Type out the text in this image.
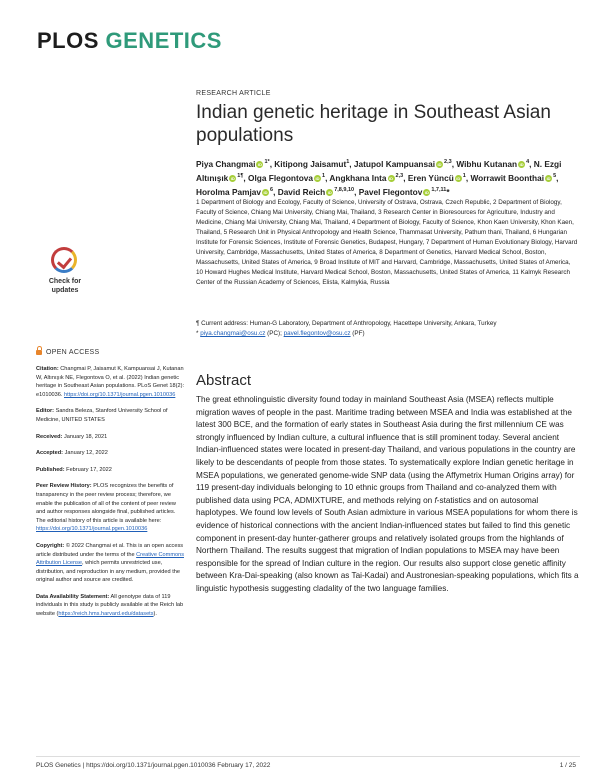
PLOS GENETICS
RESEARCH ARTICLE
Indian genetic heritage in Southeast Asian populations
Piya Changmai iD $^{1*}$, Kitipong Jaisamut$^1$, Jatupol Kampuansai iD $^{2,3}$, Wibhu KutananiD $^4$, N. Ezgi Altınışık iD $^{1\P}$, Olga Flegontova iD $^1$, Angkhana Inta iD $^{2,3}$, Eren Yüncü iD $^1$, Worrawit Boonthai iD $^5$, Horolma Pamjav iD $^6$, David Reich iD $^{7,8,9,10}$, Pavel FlegontoviD $^{1,7,11}$*
1 Department of Biology and Ecology, Faculty of Science, University of Ostrava, Ostrava, Czech Republic, 2 Department of Biology, Faculty of Science, Chiang Mai University, Chiang Mai, Thailand, 3 Research Center in Bioresources for Agriculture, Industry and Medicine, Chiang Mai University, Chiang Mai, Thailand, 4 Department of Biology, Faculty of Science, Khon Kaen University, Khon Kaen, Thailand, 5 Research Unit in Physical Anthropology and Health Science, Thammasat University, Pathum thani, Thailand, 6 Hungarian Institute for Forensic Sciences, Institute of Forensic Genetics, Budapest, Hungary, 7 Department of Human Evolutionary Biology, Harvard University, Cambridge, Massachusetts, United States of America, 8 Department of Genetics, Harvard Medical School, Boston, Massachusetts, United States of America, 9 Broad Institute of MIT and Harvard, Cambridge, Massachusetts, United States of America, 10 Howard Hughes Medical Institute, Harvard Medical School, Boston, Massachusetts, United States of America, 11 Kalmyk Research Center of the Russian Academy of Sciences, Elista, Kalmykia, Russia
¶ Current address: Human-G Laboratory, Department of Anthropology, Hacettepe University, Ankara, Turkey
* piya.changmai@osu.cz (PC); pavel.flegontov@osu.cz (PF)
Check for
updates
OPEN ACCESS

Citation: Changmai P, Jaisamut K, Kampuansai J, Kutanan W, Altınışık NE, Flegontova O, et al. (2022) Indian genetic heritage in Southeast Asian populations. PLoS Genet 18(2): e1010036. https://doi.org/10.1371/journal.pgen.1010036

Editor: Sandra Beleza, Stanford University School of Medicine, UNITED STATES

Received: January 18, 2021

Accepted: January 12, 2022

Published: February 17, 2022

Peer Review History: PLOS recognizes the benefits of transparency in the peer review process; therefore, we enable the publication of all of the content of peer review and author responses alongside final, published articles. The editorial history of this article is available here: https://doi.org/10.1371/journal.pgen.1010036

Copyright: © 2022 Changmai et al. This is an open access article distributed under the terms of the Creative Commons Attribution License, which permits unrestricted use, distribution, and reproduction in any medium, provided the original author and source are credited.

Data Availability Statement: All genotype data of 119 individuals in this study is publicly available at the Reich lab website (https://reich.hms.harvard.edu/datasets).

Abstract
The great ethnolinguistic diversity found today in mainland Southeast Asia (MSEA) reflects multiple migration waves of people in the past. Maritime trading between MSEA and India was established at the latest 300 BCE, and the formation of early states in Southeast Asia during the first millennium CE was strongly influenced by Indian culture, a cultural influence that is still prominent today. Several ancient Indian-influenced states were located in present-day Thailand, and various populations in the country are likely to be descendants of people from those states. To systematically explore Indian genetic heritage in MSEA populations, we generated genome-wide SNP data (using the Affymetrix Human Origins array) for 119 present-day individuals belonging to 10 ethnic groups from Thailand and co-analyzed them with published data using PCA, ADMIXTURE, and methods relying on f-statistics and on autosomal haplotypes. We found low levels of South Asian admixture in various MSEA populations for whom there is evidence of historical connections with the ancient Indian-influenced states but failed to find this genetic component in present-day hunter-gatherer groups and relatively isolated groups from the highlands of Northern Thailand. The results suggest that migration of Indian populations to MSEA may have been responsible for the spread of Indian culture in the region. Our results also support close genetic affinity between Kra-Dai-speaking (also known as Tai-Kadai) and Austronesian-speaking populations, which fits a linguistic hypothesis suggesting cladality of the two language families.
PLOS Genetics | https://doi.org/10.1371/journal.pgen.1010036 February 17, 2022	1 / 25
